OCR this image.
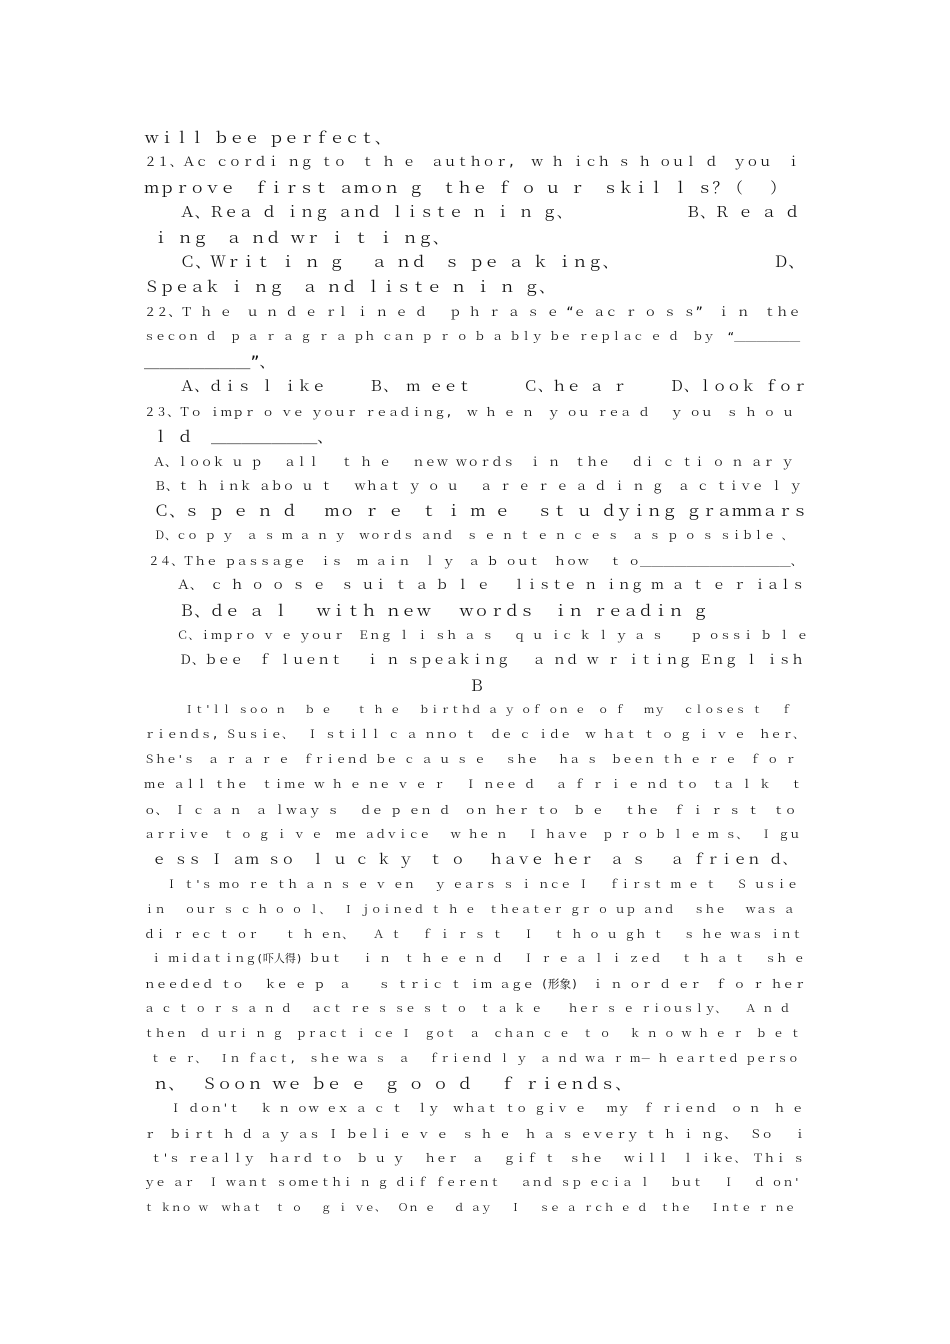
ｗｉｌｌ ｂｅｅ ｐｅｒｆｅｃｔ、
２１、Ａｃ ｃｏｒｄｉ ｎｇ ｔｏ  ｔ ｈ ｅ  ａｕｔｈｏｒ,  ｗ ｈ ｉｃｈ ｓ ｈ ｏｕｌ ｄ  ｙｏｕ  ｉ
ｍｐｒｏｖｅ  ｆｉｒｓｔ ａｍｏｎ ｇ  ｔｈｅ ｆ ｏ ｕ ｒ  ｓｋｉｌ ｌ ｓ？（   ）
Ａ、Ｒｅａ ｄ ｉｎｇ ａｎｄ ｌｉｓｔｅ ｎ ｉ ｎ ｇ、             Ｂ、Ｒ ｅ ａ ｄ
ｉ ｎｇ  ａ ｎｄ ｗｒ ｉ ｔ ｉ ｎｇ、
Ｃ、Ｗｒｉｔ ｉ ｎ ｇ   ａ ｎｄ  ｓ ｐｅ ａ ｋ ｉｎｇ、                 Ｄ、
Ｓｐｅａｋ ｉ ｎｇ  ａ ｎｄ ｌｉｓｔｅ ｎ ｉ ｎ ｇ、
２２、Ｔ ｈ ｅ  ｕ ｎ ｄ ｅ ｒｌ ｉ ｎ ｅ ｄ   ｐ ｈ ｒ ａ ｓ ｅ “ｅ ａｃ ｒ ｏ ｓ ｓ”  ｉ ｎ  ｔｈｅ
ｓｅｃｏｎ ｄ  ｐ ａ ｒ ａ ｇ ｒ ａ ｐｈ ｃａｎ ｐ ｒ ｏ ｂ ａ ｂｌｙ ｂｅ ｒｅｐｌａｃ ｅ ｄ  ｂｙ  “＿＿＿＿＿＿
＿＿＿＿＿＿＿”、
Ａ、ｄｉｓ ｌ ｉｋｅ     Ｂ、 ｍ ｅｅｔ      Ｃ、ｈｅ ａ ｒ     Ｄ、ｌｏｏｋ ｆｏｒ
２３、Ｔｏ ｉｍｐｒ ｏ ｖｅ ｙｏｕｒ ｒｅａｄｉｎｇ,  ｗ ｈ ｅ ｎ  ｙ ｏｕ ｒｅａ ｄ   ｙ ｏｕ  ｓ ｈ ｏ ｕ
ｌ ｄ  ＿＿＿＿＿＿＿、
Ａ、ｌｏｏｋ ｕ ｐ   ａｌｌ   ｔ ｈ ｅ   ｎｅｗ ｗｏｒｄｓ  ｉ ｎ  ｔｈｅ   ｄｉ ｃ ｔｉ ｏ ｎ ａｒ ｙ
Ｂ、ｔ ｈ ｉｎｋ ａｂｏ ｕ ｔ   ｗｈａｔ ｙ ｏ ｕ   ａ ｒ ｅ ｒ ｅ ａ ｄ ｉ ｎ ｇ  ａ ｃ ｔｉｖｅ ｌ ｙ
Ｃ、ｓ ｐ ｅ ｎ ｄ   ｍｏ ｒ ｅ  ｔ ｉ ｍ ｅ   ｓｔ ｕ ｄｙｉｎｇ ｇｒａｍｍａｒｓ
Ｄ、ｃｏ ｐ ｙ  ａ ｓ ｍ ａ ｎ ｙ  ｗｏｒｄｓ ａｎｄ  ｓ ｅ ｎ ｔ ｅ ｎ ｃ ｅ ｓ  ａ ｓ ｐ ｏ ｓ ｓｉｂｌｅ 、
２４、Ｔｈｅ ｐａｓｓａｇｅ  ｉｓ  ｍ ａｉｎ  ｌ ｙ  ａ ｂ ｏｕｔ  ｈｏｗ   ｔ ｏ＿＿＿＿＿＿＿＿＿＿＿＿＿、
Ａ、 ｃ ｈ ｏ ｏ ｓ ｅ  ｓ ｕｉ ｔ ａ ｂ ｌ ｅ   ｌｉｓｔｅ ｎ ｉｎｇ ｍ ａ ｔ ｅ ｒ ｉａｌｓ
Ｂ、ｄｅ ａ ｌ   ｗｉｔｈ ｎｅｗ   ｗｏｒｄｓ  ｉｎ ｒｅａｄｉｎ ｇ
Ｃ、ｉｍｐｒｏ ｖ ｅ ｙｏｕｒ  Ｅｎｇ ｌ ｉ ｓｈ ａ ｓ   ｑ ｕ ｉｃ ｋ ｌ ｙ ａ ｓ    ｐ ｏｓｓｉ ｂ ｌ ｅ
Ｄ、ｂｅｅ  ｆ ｌｕｅｎｔ   ｉ ｎ ｓｐｅａｋｉｎｇ   ａ ｎｄ ｗ ｒ ｉｔｉｎｇ Ｅｎｇ ｌ ｉｓｈ
Ｂ
Ｉｔ'ｌｌ ｓｏｏ ｎ   ｂ ｅ    ｔ ｈ ｅ   ｂｉｒｔｈｄ ａ ｙ ｏｆ ｏｎ ｅ  ｏ ｆ   ｍｙ   ｃｌｏｓｅｓ ｔ   ｆ
ｒｉｅｎｄｓ, Ｓｕｓｉｅ、  Ｉ ｓｔｉｌｌ ｃ ａ ｎｎｏ ｔ  ｄｅ ｃ ｉｄｅ  ｗ ｈａｔ ｔ ｏ ｇ ｉ ｖ ｅ  ｈｅｒ、
Ｓｈｅ'ｓ  ａ ｒ ａ ｒ ｅ  ｆｒｉｅｎｄ ｂｅ ｃ ａ ｕ ｓ ｅ   ｓｈｅ   ｈａ ｓ  ｂｅｅｎ ｔｈ ｅ ｒ ｅ  ｆ ｏ ｒ
ｍｅ ａｌｌ ｔｈｅ  ｔｉｍｅ ｗ ｈ ｅ ｎｅ ｖ ｅ ｒ   Ｉ ｎｅｅ ｄ   ａ ｆ ｒ ｉ ｅ ｎｄ ｔｏ  ｔａ ｌ ｋ   ｔ
ｏ、 Ｉ ｃ ａ ｎ  ａ ｌｗａｙ ｓ   ｄｅ ｐ ｅｎ ｄ  ｏｎ ｈｅｒ ｔｏ  ｂ ｅ   ｔｈｅ  ｆ ｉ ｒ ｓ ｔ  ｔｏ
ａｒｒｉｖｅ  ｔ ｏ ｇ ｉ ｖ ｅ  ｍｅ ａｄｖｉｃｅ   ｗ ｈｅ ｎ   Ｉ ｈａｖｅ  ｐ ｒ ｏ ｂ ｌ ｅ ｍ ｓ、  Ｉ ｇｕ
ｅ ｓｓ Ｉ ａｍ ｓｏ  ｌ ｕ ｃ ｋ ｙ  ｔ ｏ   ｈａｖｅ ｈｅｒ  ａ ｓ   ａ ｆｒｉｅｎ ｄ、
Ｉ ｔ'ｓ ｍｏ ｒｅ ｔｈ ａ ｎ ｓ ｅ ｖ ｅｎ   ｙ ｅａｒｓ ｓ ｉ ｎｃｅ Ｉ   ｆｉｒｓｔ ｍ ｅ ｔ   Ｓ ｕｓｉｅ
ｉｎ   ｏｕｒ ｓ ｃ ｈ ｏ ｏ ｌ、  Ｉ ｊｏｉｎｅｄ ｔ ｈ ｅ  ｔｈｅａｔｅｒ ｇｒ ｏ ｕｐ ａｎｄ   ｓｈｅ   ｗａｓ ａ
ｄｉ ｒ ｅｃ ｔ ｏｒ    ｔ ｈ ｅｎ、   Ａ ｔ   ｆ ｉ ｒ ｓ ｔ   Ｉ   ｔ ｈ ｏ ｕ ｇｈ ｔ   ｓ ｈｅ ｗａｓ ｉｎｔ
ｉ ｍｉｄａｔｉｎｇ(吓人得) ｂｕｔ   ｉ ｎ  ｔ ｈ ｅ ｅ ｎ ｄ   Ｉ ｒ ｅ ａ ｌ ｉ ｚｅｄ   ｔ ｈ ａ ｔ   ｓｈ ｅ
ｎｅｅｄｅｄ ｔｏ   ｋｅ ｅ ｐ  ａ    ｓ ｔｒｉｃ ｔ ｉｍ ａｇｅ (形象)  ｉ ｎ ｏｒ ｄ ｅｒ  ｆ ｏ ｒ ｈｅｒ
ａ ｃ ｔ ｏ ｒ ｓ ａ ｎ ｄ   ａｃｔ ｒｅ ｓ ｓｅ ｓ ｔ ｏ  ｔ ａ ｋ ｅ    ｈｅｒ ｓ ｅ ｒｉｏｕｓｌｙ、   Ａ ｎ ｄ
ｔｈｅｎ  ｄ ｕｒｉ ｎ ｇ  ｐｒａｃｔ ｉ ｃｅ Ｉ  ｇｏｔ  ａ  ｃｈａｎ ｃ ｅ  ｔ ｏ   ｋ ｎ ｏ ｗ ｈ ｅ ｒ  ｂ ｅ ｔ
ｔ ｅ ｒ、  Ｉｎ ｆａｃｔ,  ｓｈｅ ｗａ ｓ  ａ   ｆｒｉｅｎｄ ｌ ｙ  ａ ｎｄ ｗａ ｒ ｍ－ ｈ ｅａｒｔｅｄ ｐｅｒｓｏ
ｎ、  Ｓｏｏｎ ｗｅ ｂｅ ｅ  ｇ ｏ ｏ ｄ   ｆ ｒｉｅｎｄｓ、
Ｉ ｄｏｎ'ｔ   ｋ ｎ ｏｗ ｅｘ ａ ｃ ｔ  ｌｙ  ｗｈａｔ ｔｏ ｇｉｖ ｅ   ｍｙ  ｆ ｒｉｅｎｄ  ｏ ｎ  ｈ ｅ
ｒ  ｂｉｒｔ ｈ ｄ ａ ｙ ａｓ Ｉ ｂｅｌｉ ｅ ｖ ｅ  ｓ ｈ ｅ  ｈ ａ ｓ ｅｖｅｒｙ ｔ ｈ ｉ ｎｇ、  Ｓｏ   ｉ
ｔ'ｓ ｒｅａｌｌｙ  ｈａｒｄ ｔｏ  ｂ ｕ ｙ   ｈｅｒ  ａ   ｇｉｆ ｔ  ｓｈｅ   ｗｉｌｌ  ｌ ｉｋｅ、 Ｔｈｉ ｓ
ｙｅ ａｒ  Ｉ ｗａｎｔ ｓｏｍｅｔｈｉ ｎ ｇ ｄｉｆ ｆｅｒｅｎｔ   ａｎｄ ｓｐ ｅｃｉａ ｌ   ｂｕｔ   Ｉ   ｄ ｏｎ'
ｔ ｋｎｏ ｗ  ｗｈａｔ  ｔ ｏ   ｇ ｉ ｖｅ、  Ｏｎ ｅ   ｄ ａｙ   Ｉ   ｓｅ ａ ｒｃｈ ｅ ｄ  ｔｈｅ   Ｉｎｔｅ ｒ ｎｅ
